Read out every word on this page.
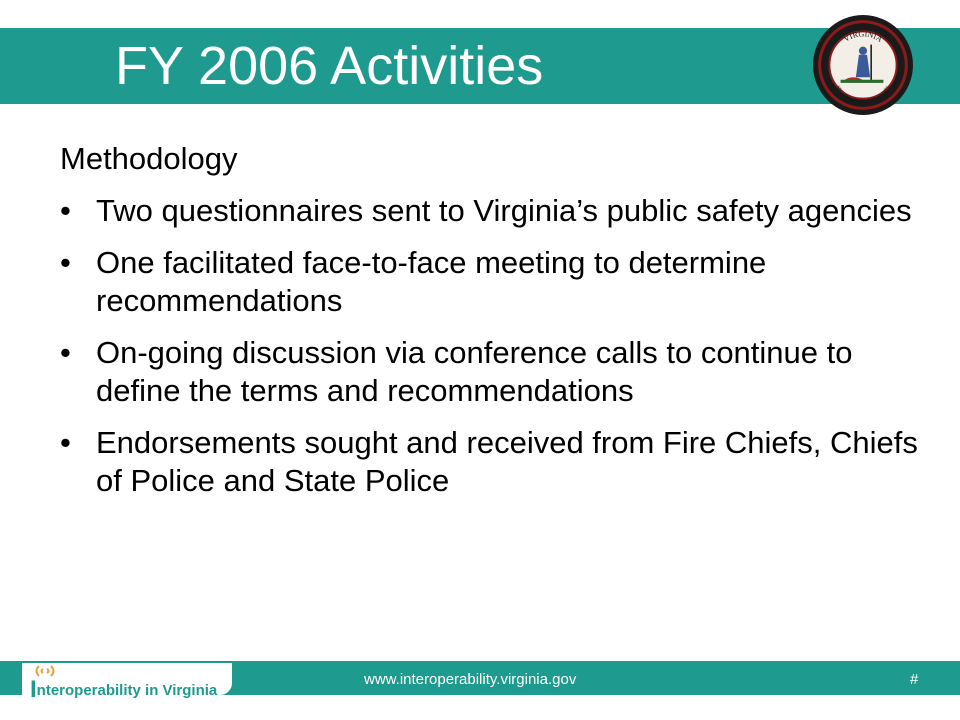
FY 2006 Activities	VIRGINIA
SIC SEMPER TYRANNIS
Methodology
• Two questionnaires sent to Virginia’s public safety agencies
• One facilitated face-to-face meeting to determine recommendations
• On-going discussion via conference calls to continue to define the terms and recommendations
• Endorsements sought and received from Fire Chiefs, Chiefs of Police and State Police
Interoperability in Virginia
www.interoperability.virginia.gov	#
